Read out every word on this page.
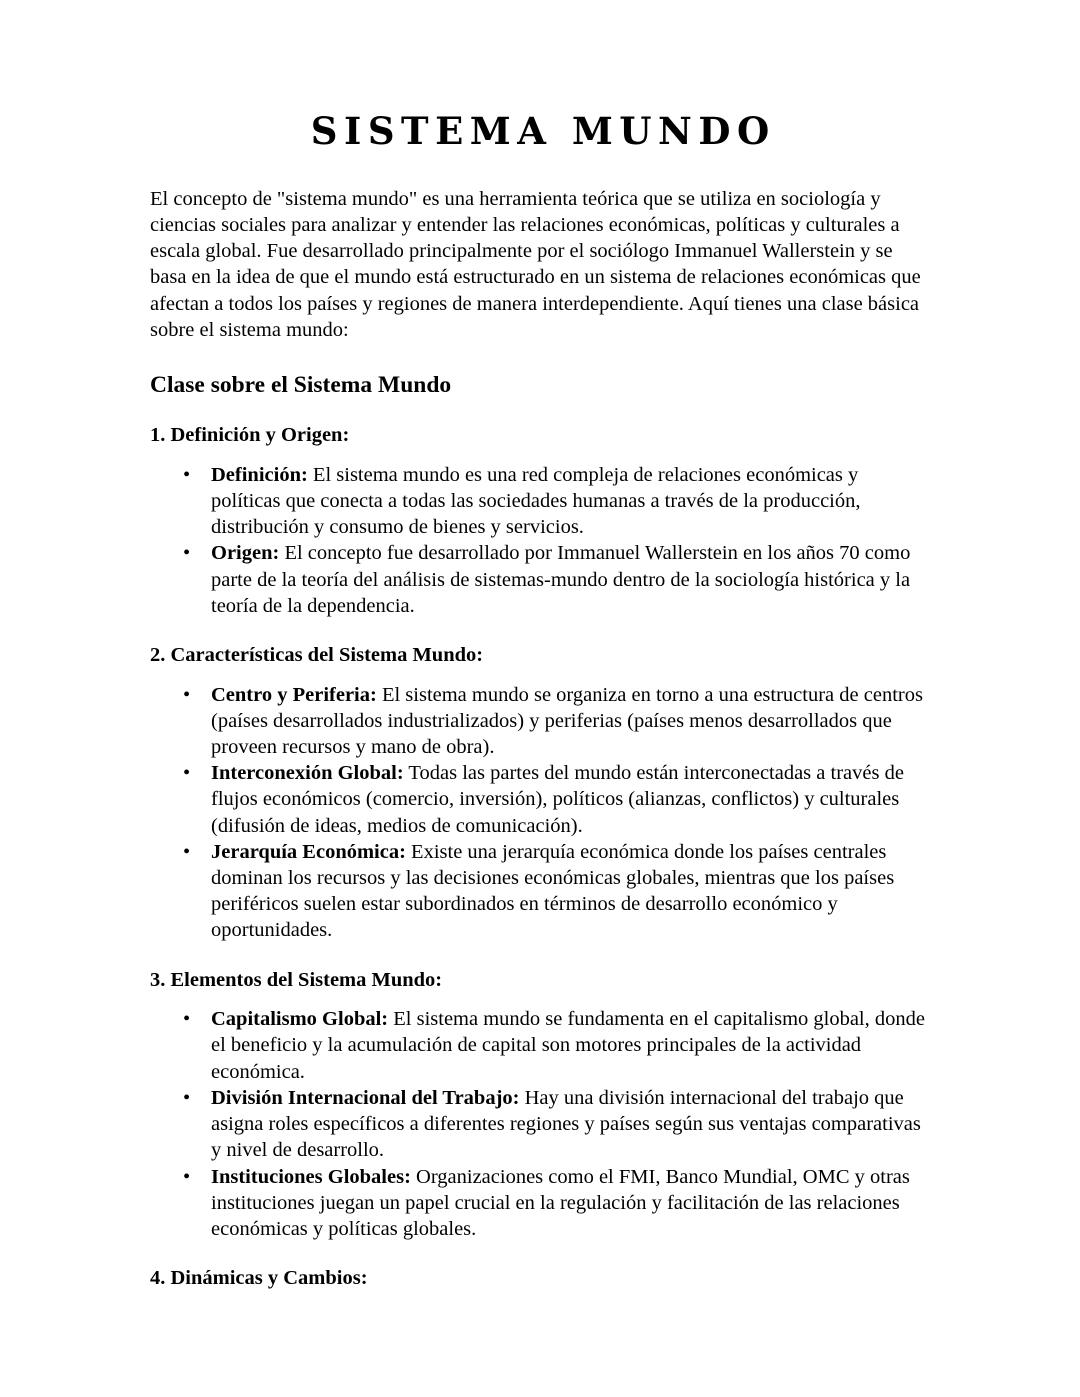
SISTEMA MUNDO

El concepto de "sistema mundo" es una herramienta teórica que se utiliza en sociología y ciencias sociales para analizar y entender las relaciones económicas, políticas y culturales a escala global. Fue desarrollado principalmente por el sociólogo Immanuel Wallerstein y se basa en la idea de que el mundo está estructurado en un sistema de relaciones económicas que afectan a todos los países y regiones de manera interdependiente. Aquí tienes una clase básica sobre el sistema mundo:

Clase sobre el Sistema Mundo
1. Definición y Origen:
• Definición: El sistema mundo es una red compleja de relaciones económicas y políticas que conecta a todas las sociedades humanas a través de la producción, distribución y consumo de bienes y servicios.
• Origen: El concepto fue desarrollado por Immanuel Wallerstein en los años 70 como parte de la teoría del análisis de sistemas-mundo dentro de la sociología histórica y la teoría de la dependencia.
2. Características del Sistema Mundo:
• Centro y Periferia: El sistema mundo se organiza en torno a una estructura de centros (países desarrollados industrializados) y periferias (países menos desarrollados que proveen recursos y mano de obra).
• Interconexión Global: Todas las partes del mundo están interconectadas a través de flujos económicos (comercio, inversión), políticos (alianzas, conflictos) y culturales (difusión de ideas, medios de comunicación).
• Jerarquía Económica: Existe una jerarquía económica donde los países centrales dominan los recursos y las decisiones económicas globales, mientras que los países periféricos suelen estar subordinados en términos de desarrollo económico y oportunidades.
3. Elementos del Sistema Mundo:
• Capitalismo Global: El sistema mundo se fundamenta en el capitalismo global, donde el beneficio y la acumulación de capital son motores principales de la actividad económica.
• División Internacional del Trabajo: Hay una división internacional del trabajo que asigna roles específicos a diferentes regiones y países según sus ventajas comparativas y nivel de desarrollo.
• Instituciones Globales: Organizaciones como el FMI, Banco Mundial, OMC y otras instituciones juegan un papel crucial en la regulación y facilitación de las relaciones económicas y políticas globales.
4. Dinámicas y Cambios:
